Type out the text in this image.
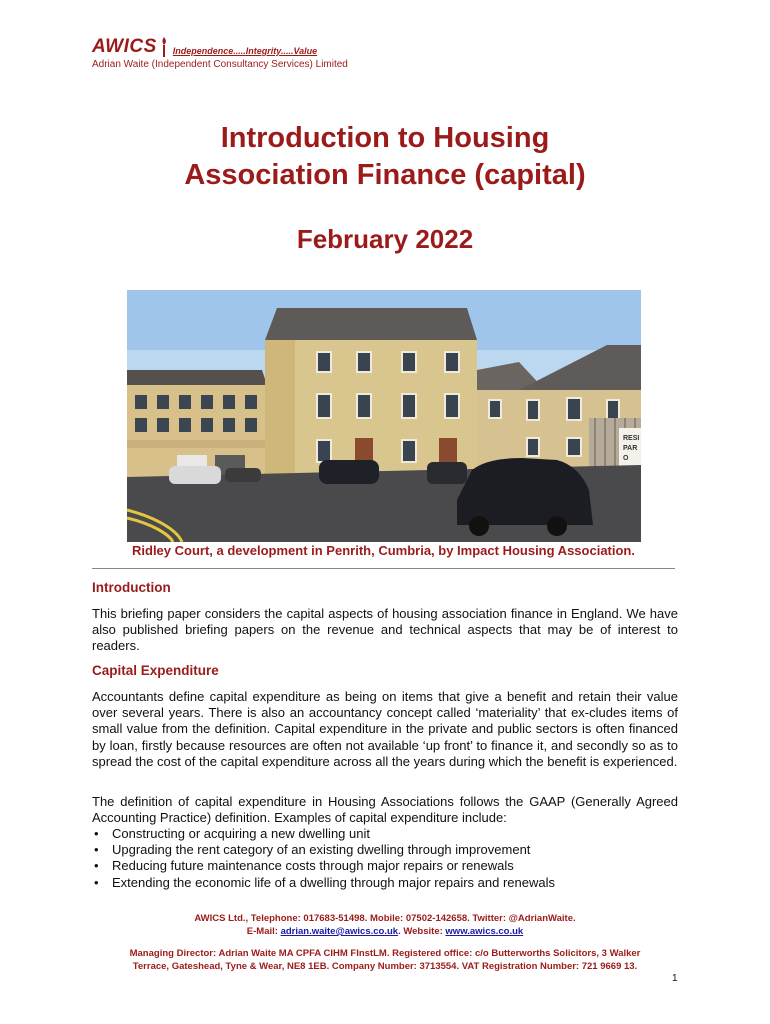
AWICS Independence.....Integrity.....Value
Adrian Waite (Independent Consultancy Services) Limited
Introduction to Housing
Association Finance (capital)
February 2022
RESI
PAR
O
Ridley Court, a development in Penrith, Cumbria, by Impact Housing Association.
Introduction
This briefing paper considers the capital aspects of housing association finance in England. We have also published briefing papers on the revenue and technical aspects that may be of interest to readers.
Capital Expenditure
Accountants define capital expenditure as being on items that give a benefit and retain their value over several years. There is also an accountancy concept called ‘materiality’ that ex-cludes items of small value from the definition. Capital expenditure in the private and public sectors is often financed by loan, firstly because resources are often not available ‘up front’ to finance it, and secondly so as to spread the cost of the capital expenditure across all the years during which the benefit is experienced.
The definition of capital expenditure in Housing Associations follows the GAAP (Generally Agreed Accounting Practice) definition. Examples of capital expenditure include:
• Constructing or acquiring a new dwelling unit
• Upgrading the rent category of an existing dwelling through improvement
• Reducing future maintenance costs through major repairs or renewals
• Extending the economic life of a dwelling through major repairs and renewals
AWICS Ltd., Telephone: 017683-51498. Mobile: 07502-142658. Twitter: @AdrianWaite.
E-Mail: adrian.waite@awics.co.uk. Website: www.awics.co.uk
Managing Director: Adrian Waite MA CPFA CIHM FInstLM. Registered office: c/o Butterworths Solicitors, 3 Walker
Terrace, Gateshead, Tyne & Wear, NE8 1EB. Company Number: 3713554. VAT Registration Number: 721 9669 13.
1
